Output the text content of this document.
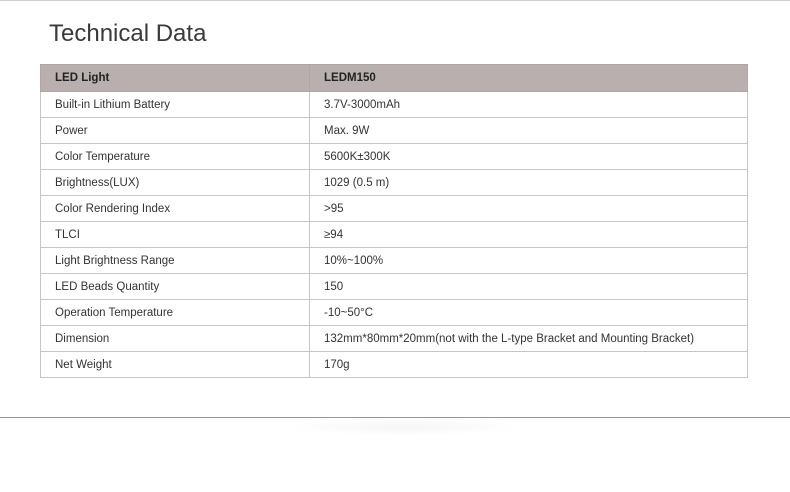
Technical Data
LED Light	LEDM150
Built-in Lithium Battery	3.7V-3000mAh
Power	Max. 9W
Color Temperature	5600K±300K
Brightness(LUX)	1029 (0.5 m)
Color Rendering Index	>95
TLCI	≥94
Light Brightness Range	10%~100%
LED Beads Quantity	150
Operation Temperature	-10~50°C
Dimension	132mm*80mm*20mm(not with the L-type Bracket and Mounting Bracket)
Net Weight	170g
